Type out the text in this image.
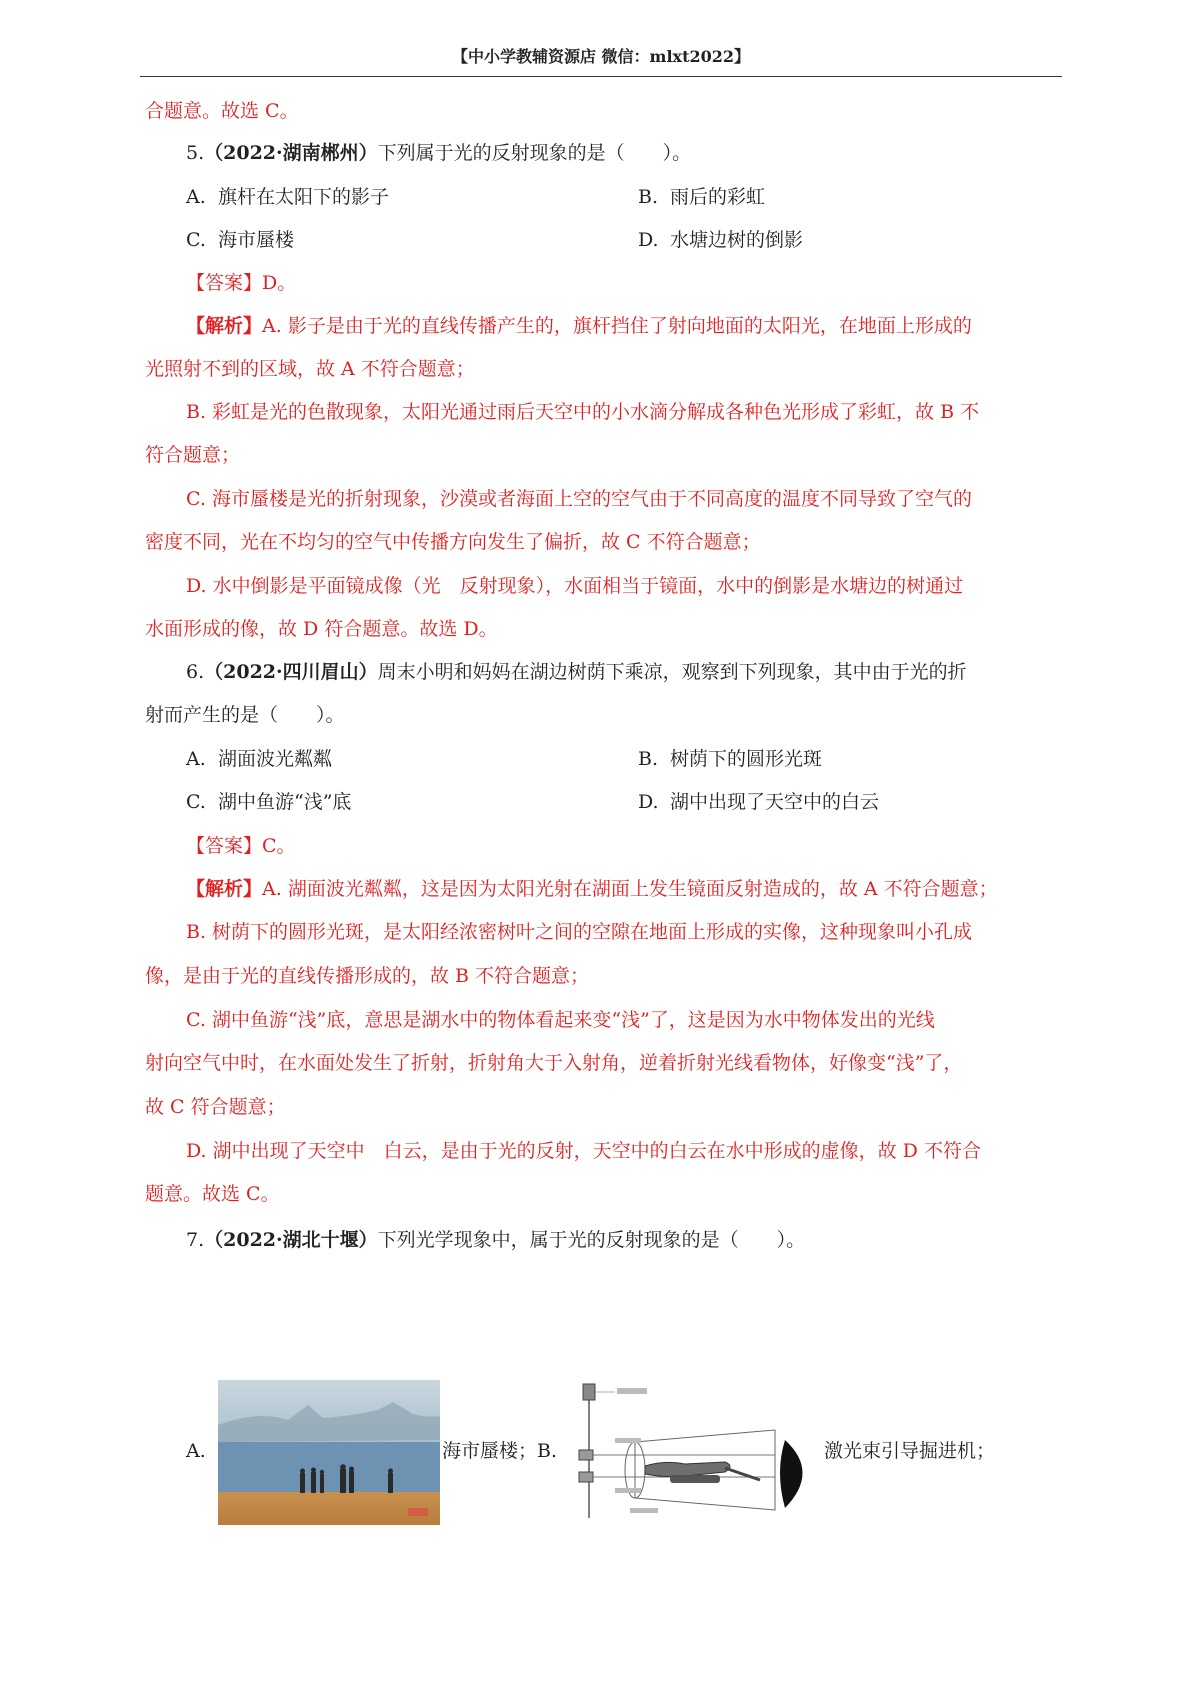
【中小学教辅资源店 微信：mlxt2022】
合题意。故选 C。
5.（2022·湖南郴州）下列属于光的反射现象的是（　　）。
A. 旗杆在太阳下的影子	B. 雨后的彩虹
C. 海市蜃楼	D. 水塘边树的倒影
【答案】D。
【解析】A. 影子是由于光的直线传播产生的，旗杆挡住了射向地面的太阳光，在地面上形成的
光照射不到的区域，故 A 不符合题意；
B. 彩虹是光的色散现象，太阳光通过雨后天空中的小水滴分解成各种色光形成了彩虹，故 B 不
符合题意；
C. 海市蜃楼是光的折射现象，沙漠或者海面上空的空气由于不同高度的温度不同导致了空气的
密度不同，光在不均匀的空气中传播方向发生了偏折，故 C 不符合题意；
D. 水中倒影是平面镜成像（光　反射现象），水面相当于镜面，水中的倒影是水塘边的树通过
水面形成的像，故 D 符合题意。故选 D。
6.（2022·四川眉山）周末小明和妈妈在湖边树荫下乘凉，观察到下列现象，其中由于光的折
射而产生的是（　　）。
A. 湖面波光粼粼	B. 树荫下的圆形光斑
C. 湖中鱼游“浅”底	D. 湖中出现了天空中的白云
【答案】C。
【解析】A. 湖面波光粼粼，这是因为太阳光射在湖面上发生镜面反射造成的，故 A 不符合题意；
B. 树荫下的圆形光斑，是太阳经浓密树叶之间的空隙在地面上形成的实像，这种现象叫小孔成
像，是由于光的直线传播形成的，故 B 不符合题意；
C. 湖中鱼游“浅”底，意思是湖水中的物体看起来变“浅”了，这是因为水中物体发出的光线
射向空气中时，在水面处发生了折射，折射角大于入射角，逆着折射光线看物体，好像变“浅”了，
故 C 符合题意；
D. 湖中出现了天空中　白云，是由于光的反射，天空中的白云在水中形成的虚像，故 D 不符合
题意。故选 C。
7.（2022·湖北十堰）下列光学现象中，属于光的反射现象的是（　　）。
A.	海市蜃楼；B.	激光束引导掘进机；
